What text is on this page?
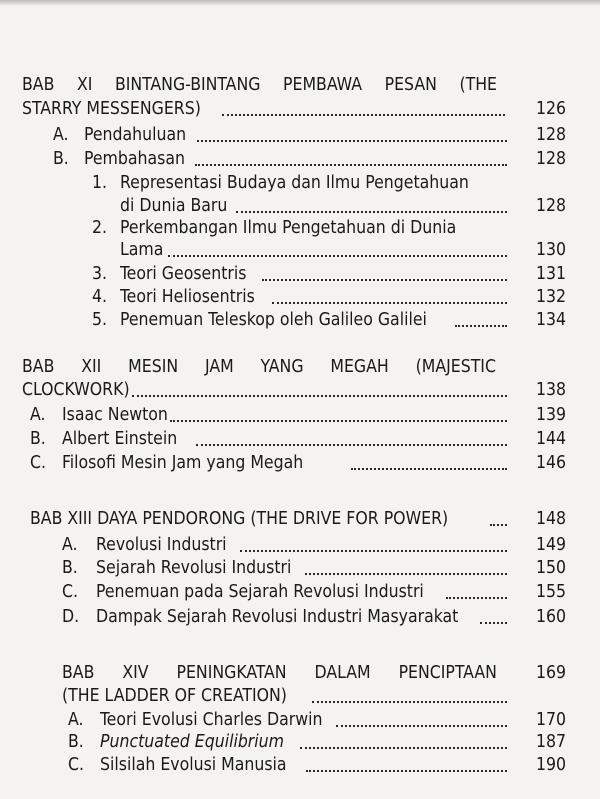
BAB XI BINTANG-BINTANG PEMBAWA PESAN (THE
STARRY MESSENGERS)	126
A. Pendahuluan	128
B. Pembahasan	128
1. Representasi Budaya dan Ilmu Pengetahuan
di Dunia Baru	128
2. Perkembangan Ilmu Pengetahuan di Dunia
Lama	130
3. Teori Geosentris	131
4. Teori Heliosentris	132
5. Penemuan Teleskop oleh Galileo Galilei	134
BAB XII MESIN JAM YANG MEGAH (MAJESTIC
CLOCKWORK)	138
A. Isaac Newton	139
B. Albert Einstein	144
C. Filosofi Mesin Jam yang Megah	146
BAB XIII DAYA PENDORONG (THE DRIVE FOR POWER)	148
A. Revolusi Industri	149
B. Sejarah Revolusi Industri	150
C. Penemuan pada Sejarah Revolusi Industri	155
D. Dampak Sejarah Revolusi Industri Masyarakat	160
BAB XIV PENINGKATAN DALAM PENCIPTAAN 169
(THE LADDER OF CREATION)
A. Teori Evolusi Charles Darwin	170
B. Punctuated Equilibrium	187
C. Silsilah Evolusi Manusia	190
